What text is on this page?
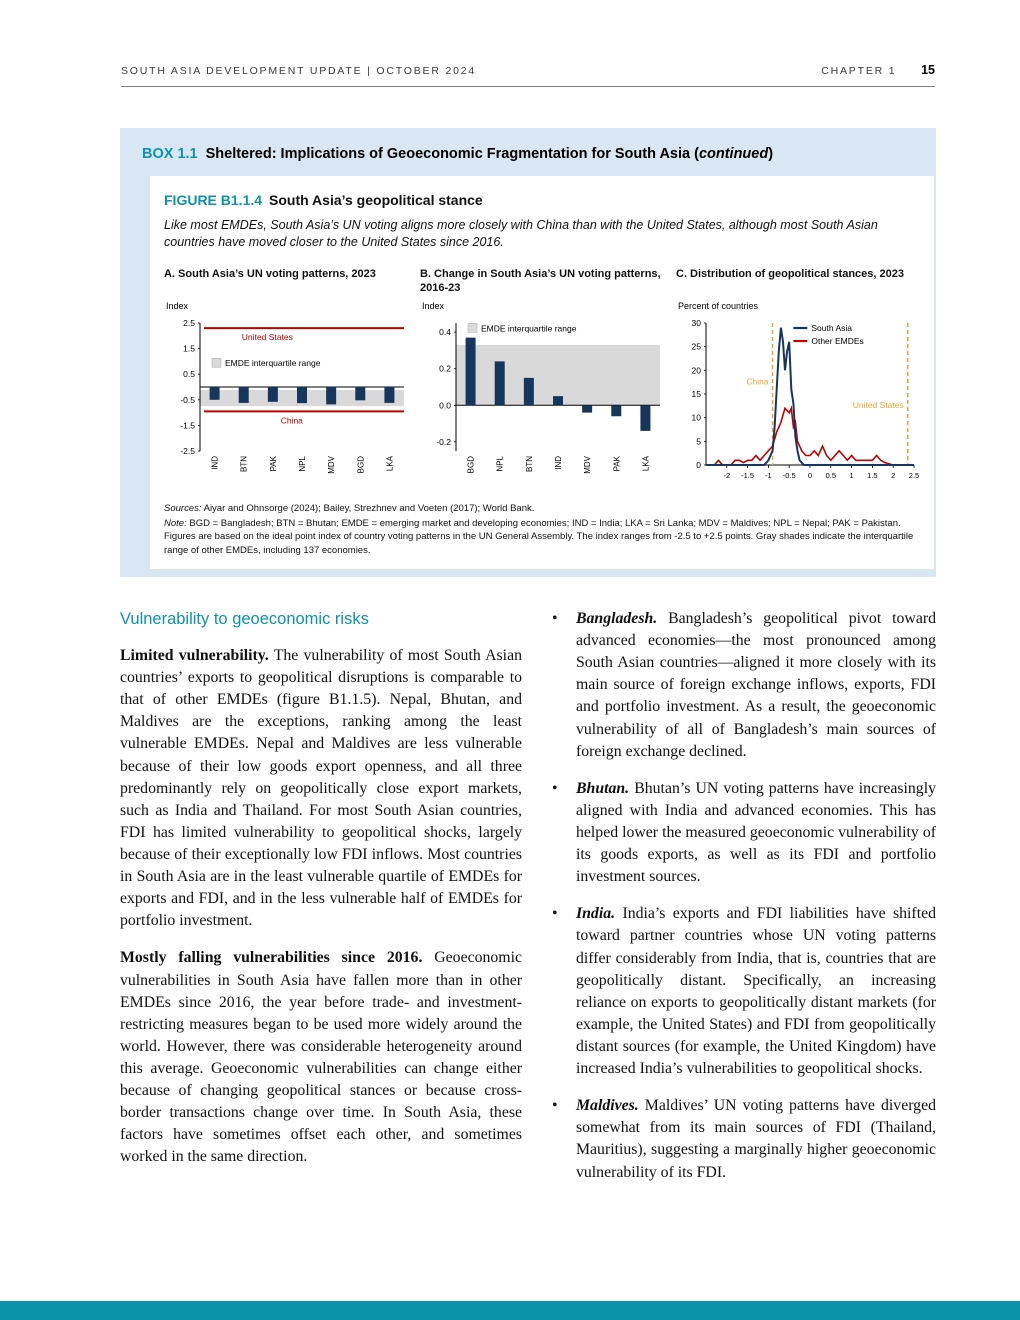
SOUTH ASIA DEVELOPMENT UPDATE | OCTOBER 2024	CHAPTER 1 15
BOX 1.1 Sheltered: Implications of Geoeconomic Fragmentation for South Asia (continued)
FIGURE B1.1.4 South Asia’s geopolitical stance
Like most EMDEs, South Asia’s UN voting aligns more closely with China than with the United States, although most South Asian countries have moved closer to the United States since 2016.
A. South Asia’s UN voting patterns, 2023
Index
2.5
1.5
0.5
-0.5
-1.5
-2.5
IND	BTN	PAK	NPL	MDV	BGD	LKA
United States
China
EMDE interquartile range
B. Change in South Asia’s UN voting patterns, 2016-23
Index
0.4
0.2
0.0
-0.2
BGD	NPL	BTN	IND	MDV	PAK	LKA
EMDE interquartile range
C. Distribution of geopolitical stances, 2023
Percent of countries
30
25
20
15
10
5
0
-2 -1.5 -1 -0.5 0 0.5 1 1.5 2 2.5
China
United States
South Asia
Other EMDEs
Sources: Aiyar and Ohnsorge (2024); Bailey, Strezhnev and Voeten (2017); World Bank.
Note: BGD = Bangladesh; BTN = Bhutan; EMDE = emerging market and developing economies; IND = India; LKA = Sri Lanka; MDV = Maldives; NPL = Nepal; PAK = Pakistan. Figures are based on the ideal point index of country voting patterns in the UN General Assembly. The index ranges from -2.5 to +2.5 points. Gray shades indicate the interquartile range of other EMDEs, including 137 economies.
Vulnerability to geoeconomic risks

Limited vulnerability. The vulnerability of most South Asian countries’ exports to geopolitical disruptions is comparable to that of other EMDEs (figure B1.1.5). Nepal, Bhutan, and Maldives are the exceptions, ranking among the least vulnerable EMDEs. Nepal and Maldives are less vulnerable because of their low goods export openness, and all three predominantly rely on geopolitically close export markets, such as India and Thailand. For most South Asian countries, FDI has limited vulnerability to geopolitical shocks, largely because of their exceptionally low FDI inflows. Most countries in South Asia are in the least vulnerable quartile of EMDEs for exports and FDI, and in the less vulnerable half of EMDEs for portfolio investment.

Mostly falling vulnerabilities since 2016. Geoeconomic vulnerabilities in South Asia have fallen more than in other EMDEs since 2016, the year before trade- and investment-restricting measures began to be used more widely around the world. However, there was considerable heterogeneity around this average. Geoeconomic vulnerabilities can change either because of changing geopolitical stances or because cross-border transactions change over time. In South Asia, these factors have sometimes offset each other, and sometimes worked in the same direction.

•	Bangladesh. Bangladesh’s geopolitical pivot toward advanced economies—the most pronounced among South Asian countries—aligned it more closely with its main source of foreign exchange inflows, exports, FDI and portfolio investment. As a result, the geoeconomic vulnerability of all of Bangladesh’s main sources of foreign exchange declined.
•	Bhutan. Bhutan’s UN voting patterns have increasingly aligned with India and advanced economies. This has helped lower the measured geoeconomic vulnerability of its goods exports, as well as its FDI and portfolio investment sources.
•	India. India’s exports and FDI liabilities have shifted toward partner countries whose UN voting patterns differ considerably from India, that is, countries that are geopolitically distant. Specifically, an increasing reliance on exports to geopolitically distant markets (for example, the United States) and FDI from geopolitically distant sources (for example, the United Kingdom) have increased India’s vulnerabilities to geopolitical shocks.
•	Maldives. Maldives’ UN voting patterns have diverged somewhat from its main sources of FDI (Thailand, Mauritius), suggesting a marginally higher geoeconomic vulnerability of its FDI.
